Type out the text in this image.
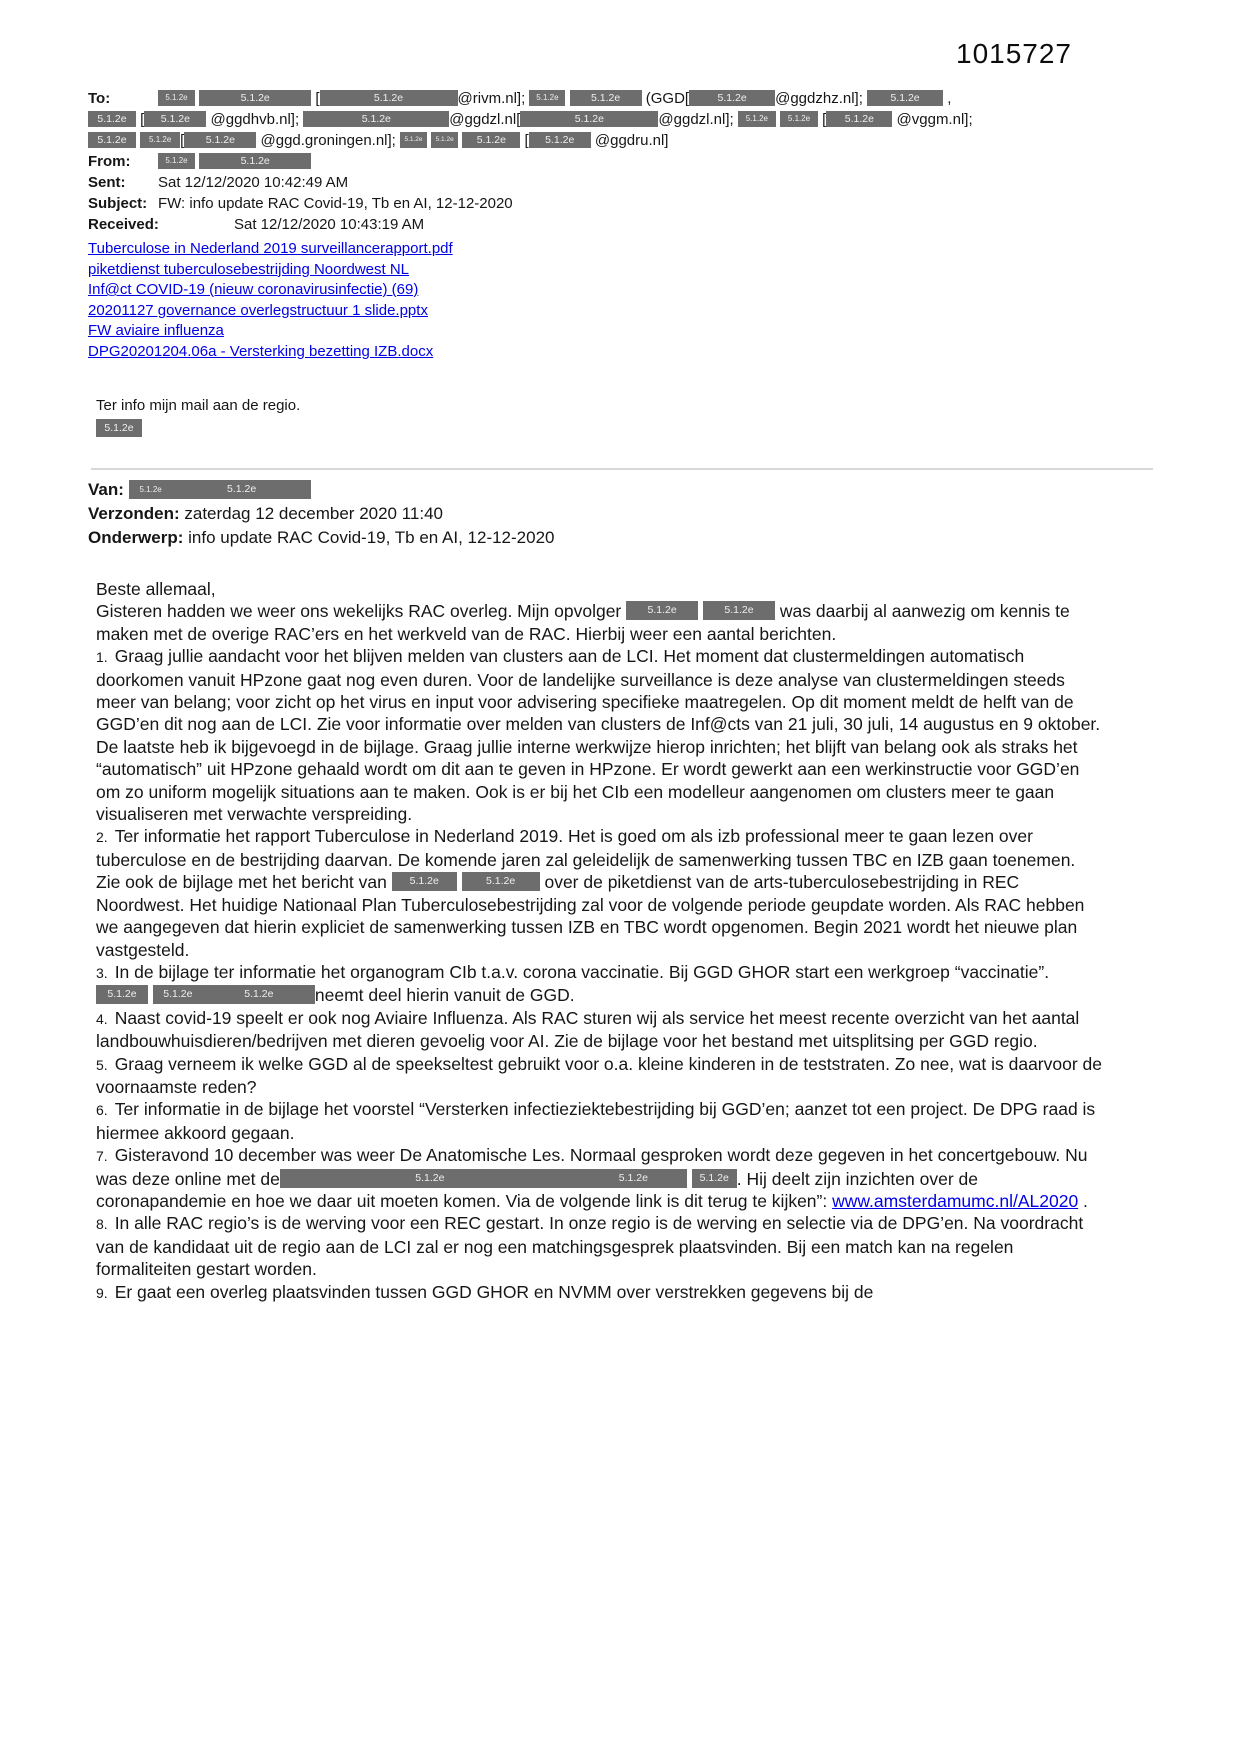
1015727
To:	5.1.2e	5.1.2e	[	5.1.2e	@rivm.nl]; 5.1.2e	5.1.2e (GGD[	5.1.2e @ggdzhz.nl]; 5.1.2e ,
5.1.2e [ 5.1.2e @ggdhvb.nl];	5.1.2e	@ggdzl.nl[	5.1.2e	@ggdzl.nl]; 5.1.2e 5.1.2e [ 5.1.2e @vggm.nl];
5.1.2e	5.1.2e [ 5.1.2e @ggd.groningen.nl]; 5.1.2e 5.1.2e 5.1.2e [ 5.1.2e @ggdru.nl]
From:	5.1.2e	5.1.2e
Sent: Sat 12/12/2020 10:42:49 AM
Subject: FW: info update RAC Covid-19, Tb en AI, 12-12-2020
Received:	Sat 12/12/2020 10:43:19 AM
Tuberculose in Nederland 2019 surveillancerapport.pdf
piketdienst tuberculosebestrijding Noordwest NL
Inf@ct COVID-19 (nieuw coronavirusinfectie) (69)
20201127 governance overlegstructuur 1 slide.pptx
FW aviaire influenza
DPG20201204.06a - Versterking bezetting IZB.docx
Ter info mijn mail aan de regio.
5.1.2e
Van: 5.1.2e	5.1.2e
Verzonden: zaterdag 12 december 2020 11:40
Onderwerp: info update RAC Covid-19, Tb en AI, 12-12-2020

Beste allemaal,

Gisteren hadden we weer ons wekelijks RAC overleg. Mijn opvolger 5.1.2e	5.1.2e was daarbij al aanwezig om kennis te maken met de overige RAC’ers en het werkveld van de RAC. Hierbij weer een aantal berichten.

1. Graag jullie aandacht voor het blijven melden van clusters aan de LCI. Het moment dat clustermeldingen automatisch doorkomen vanuit HPzone gaat nog even duren. Voor de landelijke surveillance is deze analyse van clustermeldingen steeds meer van belang; voor zicht op het virus en input voor advisering specifieke maatregelen. Op dit moment meldt de helft van de GGD’en dit nog aan de LCI. Zie voor informatie over melden van clusters de Inf@cts van 21 juli, 30 juli, 14 augustus en 9 oktober. De laatste heb ik bijgevoegd in de bijlage. Graag jullie interne werkwijze hierop inrichten; het blijft van belang ook als straks het “automatisch” uit HPzone gehaald wordt om dit aan te geven in HPzone. Er wordt gewerkt aan een werkinstructie voor GGD’en om zo uniform mogelijk situations aan te maken. Ook is er bij het CIb een modelleur aangenomen om clusters meer te gaan visualiseren met verwachte verspreiding.

2. Ter informatie het rapport Tuberculose in Nederland 2019. Het is goed om als izb professional meer te gaan lezen over tuberculose en de bestrijding daarvan. De komende jaren zal geleidelijk de samenwerking tussen TBC en IZB gaan toenemen. Zie ook de bijlage met het bericht van 5.1.2e	5.1.2e over de piketdienst van de arts-tuberculosebestrijding in REC Noordwest. Het huidige Nationaal Plan Tuberculosebestrijding zal voor de volgende periode geupdate worden. Als RAC hebben we aangegeven dat hierin expliciet de samenwerking tussen IZB en TBC wordt opgenomen. Begin 2021 wordt het nieuwe plan vastgesteld.

3. In de bijlage ter informatie het organogram CIb t.a.v. corona vaccinatie. Bij GGD GHOR start een werkgroep “vaccinatie”. 5.1.2e	5.1.2e	5.1.2e neemt deel hierin vanuit de GGD.

4. Naast covid-19 speelt er ook nog Aviaire Influenza. Als RAC sturen wij als service het meest recente overzicht van het aantal landbouwhuisdieren/bedrijven met dieren gevoelig voor AI. Zie de bijlage voor het bestand met uitsplitsing per GGD regio.

5. Graag verneem ik welke GGD al de speekseltest gebruikt voor o.a. kleine kinderen in de teststraten. Zo nee, wat is daarvoor de voornaamste reden?

6. Ter informatie in de bijlage het voorstel “Versterken infectieziektebestrijding bij GGD’en; aanzet tot een project. De DPG raad is hiermee akkoord gegaan.

7. Gisteravond 10 december was weer De Anatomische Les. Normaal gesproken wordt deze gegeven in het concertgebouw. Nu was deze online met de	5.1.2e	5.1.2e	5.1.2e . Hij deelt zijn inzichten over de coronapandemie en hoe we daar uit moeten komen. Via de volgende link is dit terug te kijken”: www.amsterdamumc.nl/AL2020 .

8. In alle RAC regio’s is de werving voor een REC gestart. In onze regio is de werving en selectie via de DPG’en. Na voordracht van de kandidaat uit de regio aan de LCI zal er nog een matchingsgesprek plaatsvinden. Bij een match kan na regelen formaliteiten gestart worden.

9. Er gaat een overleg plaatsvinden tussen GGD GHOR en NVMM over verstrekken gegevens bij de
